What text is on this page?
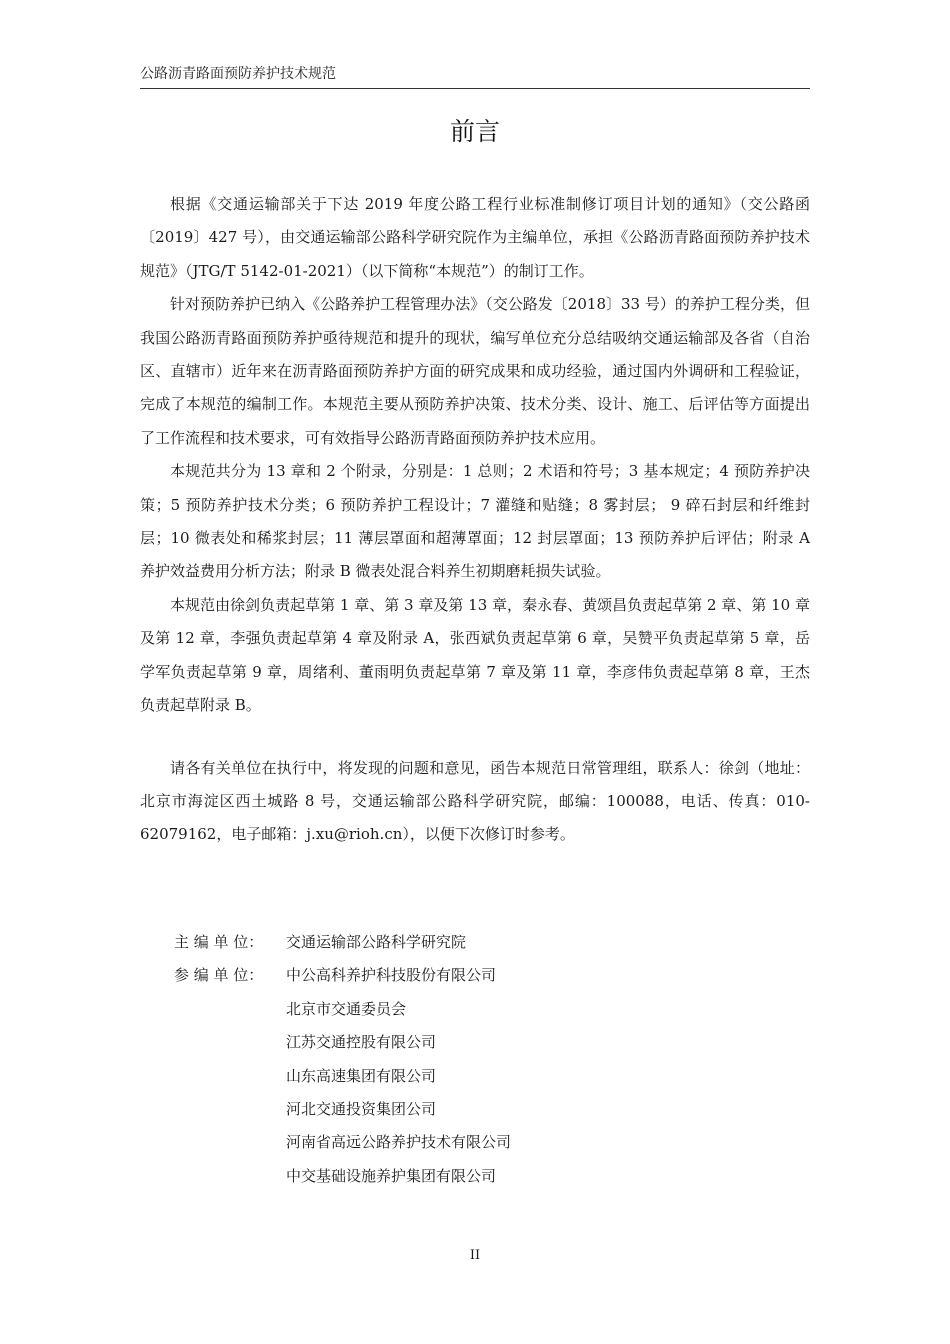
公路沥青路面预防养护技术规范
前言

根据《交通运输部关于下达 2019 年度公路工程行业标准制修订项目计划的通知》（交公路函〔2019〕427 号），由交通运输部公路科学研究院作为主编单位，承担《公路沥青路面预防养护技术规范》（JTG/T 5142-01-2021）（以下简称“本规范”）的制订工作。

针对预防养护已纳入《公路养护工程管理办法》（交公路发〔2018〕33 号）的养护工程分类，但我国公路沥青路面预防养护亟待规范和提升的现状，编写单位充分总结吸纳交通运输部及各省（自治区、直辖市）近年来在沥青路面预防养护方面的研究成果和成功经验，通过国内外调研和工程验证，完成了本规范的编制工作。本规范主要从预防养护决策、技术分类、设计、施工、后评估等方面提出了工作流程和技术要求，可有效指导公路沥青路面预防养护技术应用。

本规范共分为 13 章和 2 个附录，分别是：1 总则；2 术语和符号；3 基本规定；4 预防养护决策；5 预防养护技术分类；6 预防养护工程设计；7 灌缝和贴缝；8 雾封层； 9 碎石封层和纤维封层；10 微表处和稀浆封层；11 薄层罩面和超薄罩面；12 封层罩面；13 预防养护后评估；附录 A 养护效益费用分析方法；附录 B 微表处混合料养生初期磨耗损失试验。

本规范由徐剑负责起草第 1 章、第 3 章及第 13 章，秦永春、黄颂昌负责起草第 2 章、第 10 章及第 12 章，李强负责起草第 4 章及附录 A，张西斌负责起草第 6 章，吴赞平负责起草第 5 章，岳学军负责起草第 9 章，周绪利、董雨明负责起草第 7 章及第 11 章，李彦伟负责起草第 8 章，王杰负责起草附录 B。

请各有关单位在执行中，将发现的问题和意见，函告本规范日常管理组，联系人：徐剑（地址：北京市海淀区西土城路 8 号，交通运输部公路科学研究院，邮编：100088，电话、传真：010-62079162，电子邮箱：j.xu@rioh.cn），以便下次修订时参考。

主 编 单 位：	交通运输部公路科学研究院
参 编 单 位：	中公高科养护科技股份有限公司
北京市交通委员会
江苏交通控股有限公司
山东高速集团有限公司
河北交通投资集团公司
河南省高远公路养护技术有限公司
中交基础设施养护集团有限公司
II
